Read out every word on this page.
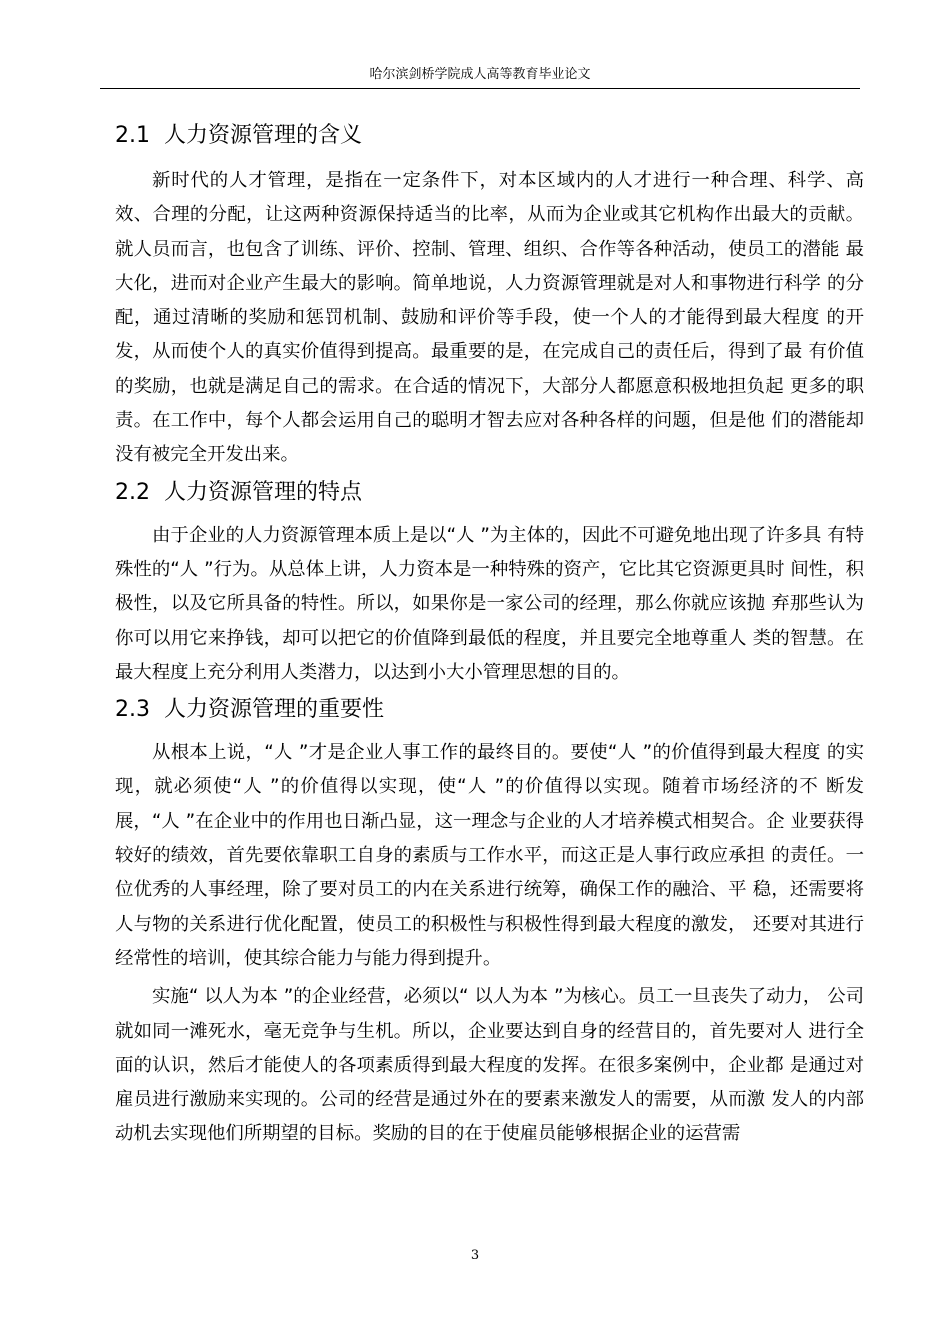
哈尔滨剑桥学院成人高等教育毕业论文
2.1 人力资源管理的含义

新时代的人才管理，是指在一定条件下，对本区域内的人才进行一种合理、科学、高效、合理的分配，让这两种资源保持适当的比率，从而为企业或其它机构作出最大的贡献。 就人员而言，也包含了训练、评价、控制、管理、组织、合作等各种活动，使员工的潜能 最大化，进而对企业产生最大的影响。简单地说，人力资源管理就是对人和事物进行科学 的分配，通过清晰的奖励和惩罚机制、鼓励和评价等手段，使一个人的才能得到最大程度 的开发，从而使个人的真实价值得到提高。最重要的是，在完成自己的责任后，得到了最 有价值的奖励，也就是满足自己的需求。在合适的情况下，大部分人都愿意积极地担负起 更多的职责。在工作中，每个人都会运用自己的聪明才智去应对各种各样的问题，但是他 们的潜能却没有被完全开发出来。

2.2 人力资源管理的特点

由于企业的人力资源管理本质上是以“人 ”为主体的，因此不可避免地出现了许多具 有特殊性的“人 ”行为。从总体上讲，人力资本是一种特殊的资产，它比其它资源更具时 间性，积极性，以及它所具备的特性。所以，如果你是一家公司的经理，那么你就应该抛 弃那些认为你可以用它来挣钱，却可以把它的价值降到最低的程度，并且要完全地尊重人 类的智慧。在最大程度上充分利用人类潜力，以达到小大小管理思想的目的。

2.3 人力资源管理的重要性

从根本上说，“人 ”才是企业人事工作的最终目的。要使“人 ”的价值得到最大程度 的实现，就必须使“人 ”的价值得以实现，使“人 ”的价值得以实现。随着市场经济的不 断发展，“人 ”在企业中的作用也日渐凸显，这一理念与企业的人才培养模式相契合。企 业要获得较好的绩效，首先要依靠职工自身的素质与工作水平，而这正是人事行政应承担 的责任。一位优秀的人事经理，除了要对员工的内在关系进行统筹，确保工作的融洽、平 稳，还需要将人与物的关系进行优化配置，使员工的积极性与积极性得到最大程度的激发， 还要对其进行经常性的培训，使其综合能力与能力得到提升。

实施“ 以人为本 ”的企业经营，必须以“ 以人为本 ”为核心。员工一旦丧失了动力， 公司就如同一滩死水，毫无竞争与生机。所以，企业要达到自身的经营目的，首先要对人 进行全面的认识，然后才能使人的各项素质得到最大程度的发挥。在很多案例中，企业都 是通过对雇员进行激励来实现的。公司的经营是通过外在的要素来激发人的需要，从而激 发人的内部动机去实现他们所期望的目标。奖励的目的在于使雇员能够根据企业的运营需

3
